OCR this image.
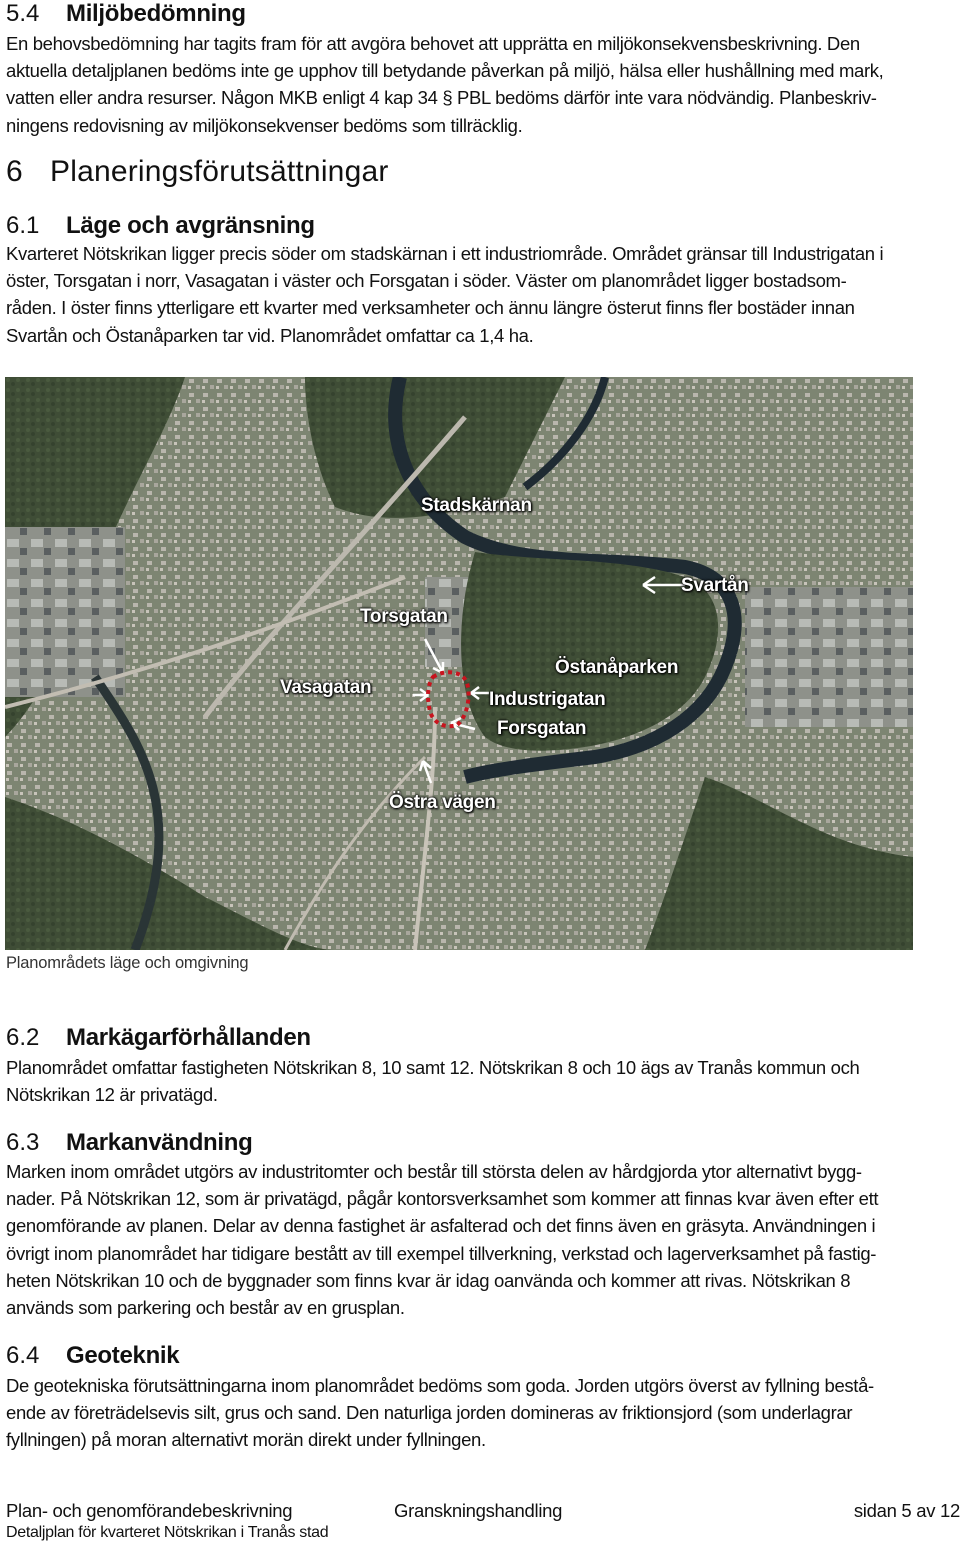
5.4 Miljöbedömning
En behovsbedömning har tagits fram för att avgöra behovet att upprätta en miljökonsekvensbeskrivning. Den
aktuella detaljplanen bedöms inte ge upphov till betydande påverkan på miljö, hälsa eller hushållning med mark,
vatten eller andra resurser. Någon MKB enligt 4 kap 34 § PBL bedöms därför inte vara nödvändig. Planbeskriv-
ningens redovisning av miljökonsekvenser bedöms som tillräcklig.
6 Planeringsförutsättningar
6.1 Läge och avgränsning
Kvarteret Nötskrikan ligger precis söder om stadskärnan i ett industriområde. Området gränsar till Industrigatan i
öster, Torsgatan i norr, Vasagatan i väster och Forsgatan i söder. Väster om planområdet ligger bostadsom-
råden. I öster finns ytterligare ett kvarter med verksamheter och ännu längre österut finns fler bostäder innan
Svartån och Östanåparken tar vid. Planområdet omfattar ca 1,4 ha.
Stadskärnan
Svartån
Torsgatan
Östanåparken
Vasagatan
Industrigatan
Forsgatan
Östra vägen
Planområdets läge och omgivning
6.2 Markägarförhållanden
Planområdet omfattar fastigheten Nötskrikan 8, 10 samt 12. Nötskrikan 8 och 10 ägs av Tranås kommun och
Nötskrikan 12 är privatägd.
6.3 Markanvändning
Marken inom området utgörs av industritomter och består till största delen av hårdgjorda ytor alternativt bygg-
nader. På Nötskrikan 12, som är privatägd, pågår kontorsverksamhet som kommer att finnas kvar även efter ett
genomförande av planen. Delar av denna fastighet är asfalterad och det finns även en gräsyta. Användningen i
övrigt inom planområdet har tidigare bestått av till exempel tillverkning, verkstad och lagerverksamhet på fastig-
heten Nötskrikan 10 och de byggnader som finns kvar är idag oanvända och kommer att rivas. Nötskrikan 8
används som parkering och består av en grusplan.
6.4 Geoteknik
De geotekniska förutsättningarna inom planområdet bedöms som goda. Jorden utgörs överst av fyllning bestå-
ende av företrädelsevis silt, grus och sand. Den naturliga jorden domineras av friktionsjord (som underlagrar
fyllningen) på moran alternativt morän direkt under fyllningen.
Plan- och genomförandebeskrivning	Granskningshandling	sidan 5 av 12
Detaljplan för kvarteret Nötskrikan i Tranås stad
